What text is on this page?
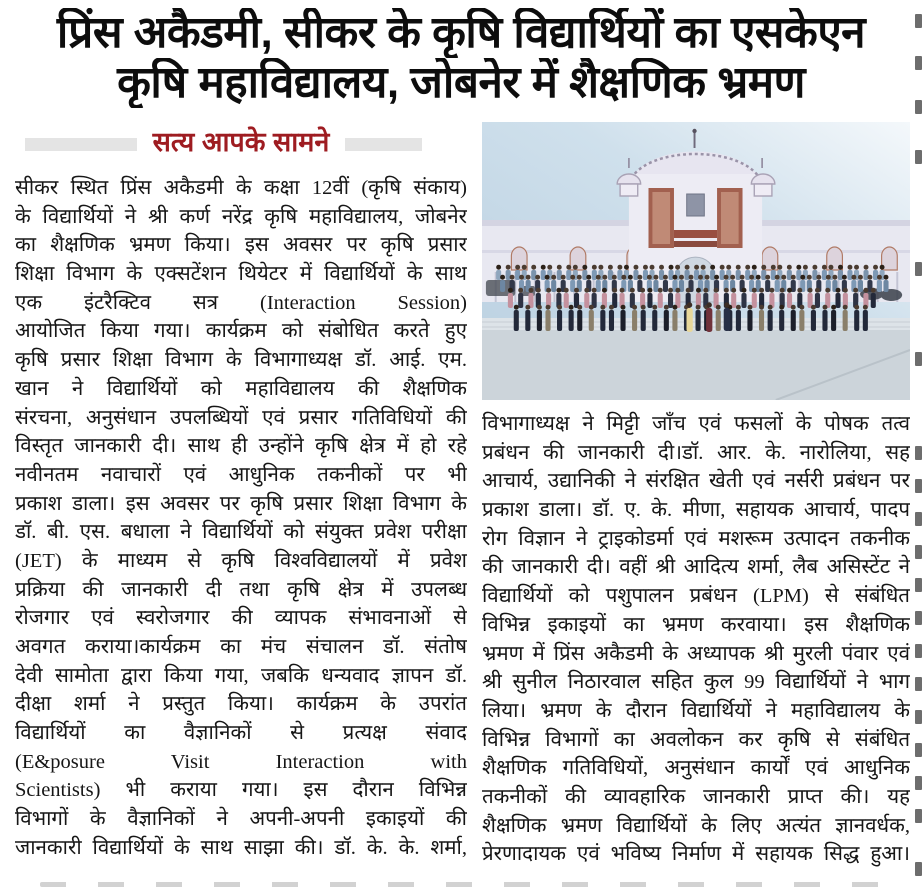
प्रिंस अकैडमी, सीकर के कृषि विद्यार्थियों का एसकेएन
कृषि महाविद्यालय, जोबनेर में शैक्षणिक भ्रमण
सत्य आपके सामने
सीकर स्थित प्रिंस अकैडमी के कक्षा 12वीं (कृषि संकाय)
के विद्यार्थियों ने श्री कर्ण नरेंद्र कृषि महाविद्यालय, जोबनेर
का शैक्षणिक भ्रमण किया। इस अवसर पर कृषि प्रसार
शिक्षा विभाग के एक्सटेंशन थियेटर में विद्यार्थियों के साथ
एक इंटरैक्टिव सत्र (Interaction Session)
आयोजित किया गया। कार्यक्रम को संबोधित करते हुए
कृषि प्रसार शिक्षा विभाग के विभागाध्यक्ष डॉ. आई. एम.
खान ने विद्यार्थियों को महाविद्यालय की शैक्षणिक
संरचना, अनुसंधान उपलब्धियों एवं प्रसार गतिविधियों की
विस्तृत जानकारी दी। साथ ही उन्होंने कृषि क्षेत्र में हो रहे
नवीनतम नवाचारों एवं आधुनिक तकनीकों पर भी
प्रकाश डाला। इस अवसर पर कृषि प्रसार शिक्षा विभाग के
डॉ. बी. एस. बधाला ने विद्यार्थियों को संयुक्त प्रवेश परीक्षा
(JET) के माध्यम से कृषि विश्वविद्यालयों में प्रवेश
प्रक्रिया की जानकारी दी तथा कृषि क्षेत्र में उपलब्ध
रोजगार एवं स्वरोजगार की व्यापक संभावनाओं से
अवगत कराया।कार्यक्रम का मंच संचालन डॉ. संतोष
देवी सामोता द्वारा किया गया, जबकि धन्यवाद ज्ञापन डॉ.
दीक्षा शर्मा ने प्रस्तुत किया। कार्यक्रम के उपरांत
विद्यार्थियों का वैज्ञानिकों से प्रत्यक्ष संवाद
(E&posure Visit Interaction with
Scientists) भी कराया गया। इस दौरान विभिन्न
विभागों के वैज्ञानिकों ने अपनी-अपनी इकाइयों की
जानकारी विद्यार्थियों के साथ साझा की। डॉ. के. के. शर्मा,
विभागाध्यक्ष ने मिट्टी जाँच एवं फसलों के पोषक तत्व
प्रबंधन की जानकारी दी।डॉ. आर. के. नारोलिया, सह
आचार्य, उद्यानिकी ने संरक्षित खेती एवं नर्सरी प्रबंधन पर
प्रकाश डाला। डॉ. ए. के. मीणा, सहायक आचार्य, पादप
रोग विज्ञान ने ट्राइकोडर्मा एवं मशरूम उत्पादन तकनीक
की जानकारी दी। वहीं श्री आदित्य शर्मा, लैब असिस्टेंट ने
विद्यार्थियों को पशुपालन प्रबंधन (LPM) से संबंधित
विभिन्न इकाइयों का भ्रमण करवाया। इस शैक्षणिक
भ्रमण में प्रिंस अकैडमी के अध्यापक श्री मुरली पंवार एवं
श्री सुनील निठारवाल सहित कुल 99 विद्यार्थियों ने भाग
लिया। भ्रमण के दौरान विद्यार्थियों ने महाविद्यालय के
विभिन्न विभागों का अवलोकन कर कृषि से संबंधित
शैक्षणिक गतिविधियों, अनुसंधान कार्यों एवं आधुनिक
तकनीकों की व्यावहारिक जानकारी प्राप्त की। यह
शैक्षणिक भ्रमण विद्यार्थियों के लिए अत्यंत ज्ञानवर्धक,
प्रेरणादायक एवं भविष्य निर्माण में सहायक सिद्ध हुआ।
